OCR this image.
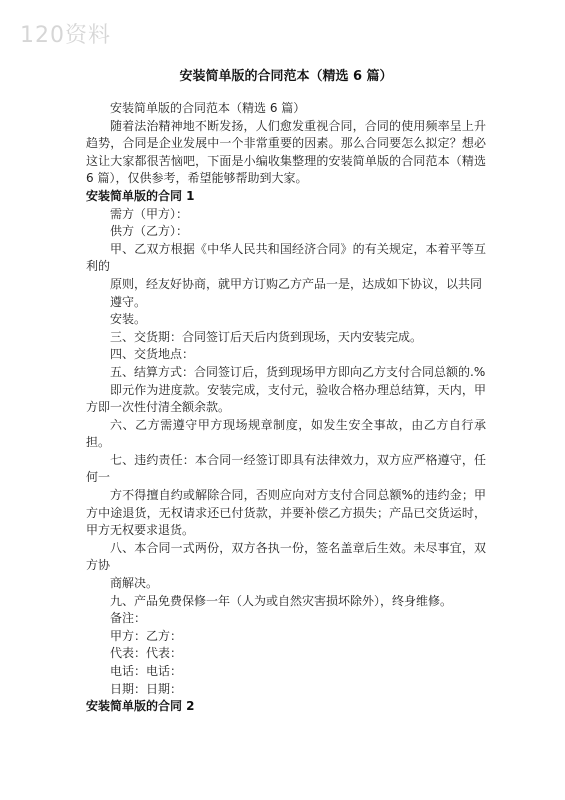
120资料
安装简单版的合同范本（精选 6 篇）
安装简单版的合同范本（精选 6 篇）
随着法治精神地不断发扬，人们愈发重视合同，合同的使用频率呈上升趋势，合同是企业发展中一个非常重要的因素。那么合同要怎么拟定？想必这让大家都很苦恼吧，下面是小编收集整理的安装简单版的合同范本（精选 6 篇），仅供参考，希望能够帮助到大家。
安装简单版的合同 1
需方（甲方）：
供方（乙方）：
甲、乙双方根据《中华人民共和国经济合同》的有关规定，本着平等互利的
原则，经友好协商，就甲方订购乙方产品一是，达成如下协议，以共同
遵守。
安装。
三、交货期：合同签订后天后内货到现场，天内安装完成。
四、交货地点：
五、结算方式：合同签订后，货到现场甲方即向乙方支付合同总额的.%
即元作为进度款。安装完成，支付元，验收合格办理总结算，天内，甲方即一次性付清全额余款。
六、乙方需遵守甲方现场规章制度，如发生安全事故，由乙方自行承担。
七、违约责任：本合同一经签订即具有法律效力，双方应严格遵守，任何一
方不得擅自约或解除合同，否则应向对方支付合同总额%的违约金；甲方中途退货，无权请求还已付货款，并要补偿乙方损失；产品已交货运时，甲方无权要求退货。
八、本合同一式两份，双方各执一份，签名盖章后生效。未尽事宜，双方协
商解决。
九、产品免费保修一年（人为或自然灾害损坏除外），终身维修。
备注：
甲方：乙方：
代表：代表：
电话：电话：
日期：日期：
安装简单版的合同 2
